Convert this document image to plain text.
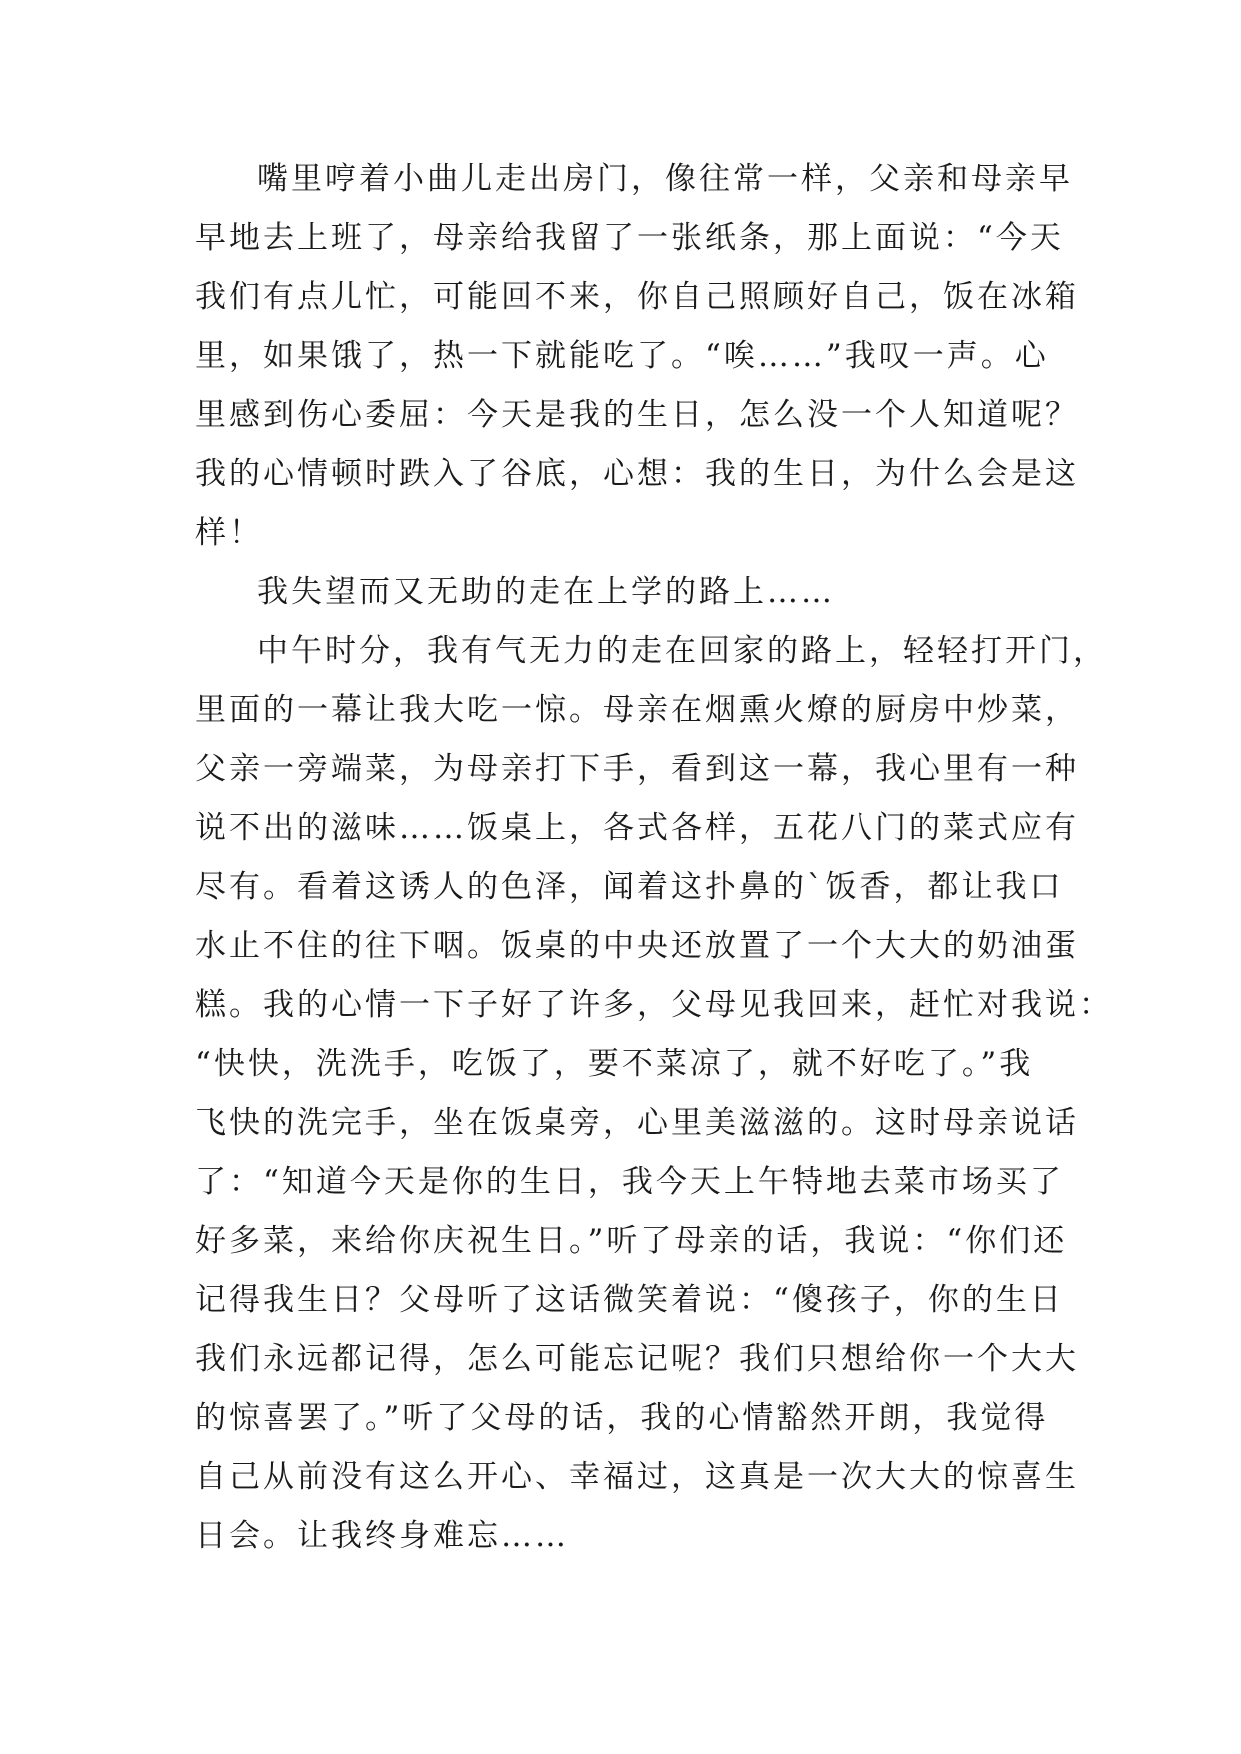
嘴里哼着小曲儿走出房门，像往常一样，父亲和母亲早
早地去上班了，母亲给我留了一张纸条，那上面说：“今天
我们有点儿忙，可能回不来，你自己照顾好自己，饭在冰箱
里，如果饿了，热一下就能吃了。“唉……”我叹一声。心
里感到伤心委屈：今天是我的生日，怎么没一个人知道呢？
我的心情顿时跌入了谷底，心想：我的生日，为什么会是这
样！
我失望而又无助的走在上学的路上……
中午时分，我有气无力的走在回家的路上，轻轻打开门，
里面的一幕让我大吃一惊。母亲在烟熏火燎的厨房中炒菜，
父亲一旁端菜，为母亲打下手，看到这一幕，我心里有一种
说不出的滋味……饭桌上，各式各样，五花八门的菜式应有
尽有。看着这诱人的色泽，闻着这扑鼻的`饭香，都让我口
水止不住的往下咽。饭桌的中央还放置了一个大大的奶油蛋
糕。我的心情一下子好了许多，父母见我回来，赶忙对我说：
“快快，洗洗手，吃饭了，要不菜凉了，就不好吃了。”我
飞快的洗完手，坐在饭桌旁，心里美滋滋的。这时母亲说话
了：“知道今天是你的生日，我今天上午特地去菜市场买了
好多菜，来给你庆祝生日。”听了母亲的话，我说：“你们还
记得我生日？父母听了这话微笑着说：“傻孩子，你的生日
我们永远都记得，怎么可能忘记呢？我们只想给你一个大大
的惊喜罢了。”听了父母的话，我的心情豁然开朗，我觉得
自己从前没有这么开心、幸福过，这真是一次大大的惊喜生
日会。让我终身难忘……
